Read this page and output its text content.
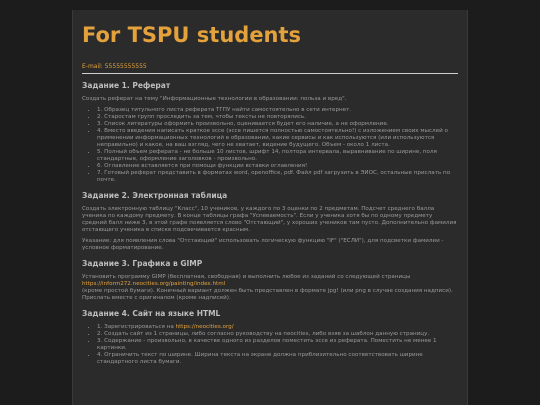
For TSPU students
E-mail: 55555555555
Задание 1. Реферат

Создать реферат на тему "Информационные технологии в образовании: польза и вред".

• 1. Образец титульного листа реферата ТГПУ найти самостоятельно в сети интернет.
• 2. Старостам групп проследить за тем, чтобы тексты не повторялись.
• 3. Список литературы оформить произвольно, оценивается будет его наличие, а не оформление.
• 4. Вместо введения написать краткое эссе (эссе пишется полностью самостоятельно!) с изложением своих мыслей о применении информационных технологий в образовании, какие сервисы и как используются (или используются неправильно) и какое, на ваш взгляд, чего не хватает, видение будущего. Объем - около 1 листа.
• 5. Полный объем реферата - не больше 10 листов, шрифт 14, полтора интервала, выравнивание по ширине, поля стандартные, оформление заголовков - произвольно.
• 6. Оглавление вставляется при помощи функции вставки оглавления!
• 7. Готовый реферат представить в форматах word, openoffice, pdf. Файл pdf загрузить в ЭИОС, остальные прислать по почте.
Задание 2. Электронная таблица

Создать электронную таблицу "Класс", 10 учеников, у каждого по 3 оценки по 2 предметам. Подсчет среднего балла ученика по каждому предмету. В конце таблицы графа "Успеваемость". Если у ученика хотя бы по одному предмету средний балл ниже 3, в этой графе появляется слово "Отстающий", у хороших учеников там пусто. Дополнительно фамилия отстающего ученика в списке подсвечивается красным.

Указание: для появления слова "Отстающий" использовать логическую функцию "IF" ("ЕСЛИ"), для подсветки фамилии - условное форматирование.

Задание 3. Графика в GIMP

Установить программу GIMP (бесплатная, свободная) и выполнить любое из заданий со следующей страницы
https://inform272.neocities.org/painting/index.html
(кроме простой бумаги). Конечный вариант должен быть представлен в формате jpg! (или png в случае создания надписи). Прислать вместе с оригиналом (кроме надписей).

Задание 4. Сайт на языке HTML
• 1. Зарегистрироваться на https://neocities.org/
• 2. Создать сайт из 1 страницы, либо согласно руководству на neocities, либо взяв за шаблон данную страницу.
• 3. Содержание - произвольно, в качестве одного из разделов поместить эссе из реферата. Поместить не менее 1 картинки.
• 4. Ограничить текст по ширине. Ширина текста на экране должна приблизительно соответствовать ширине стандартного листа бумаги.
